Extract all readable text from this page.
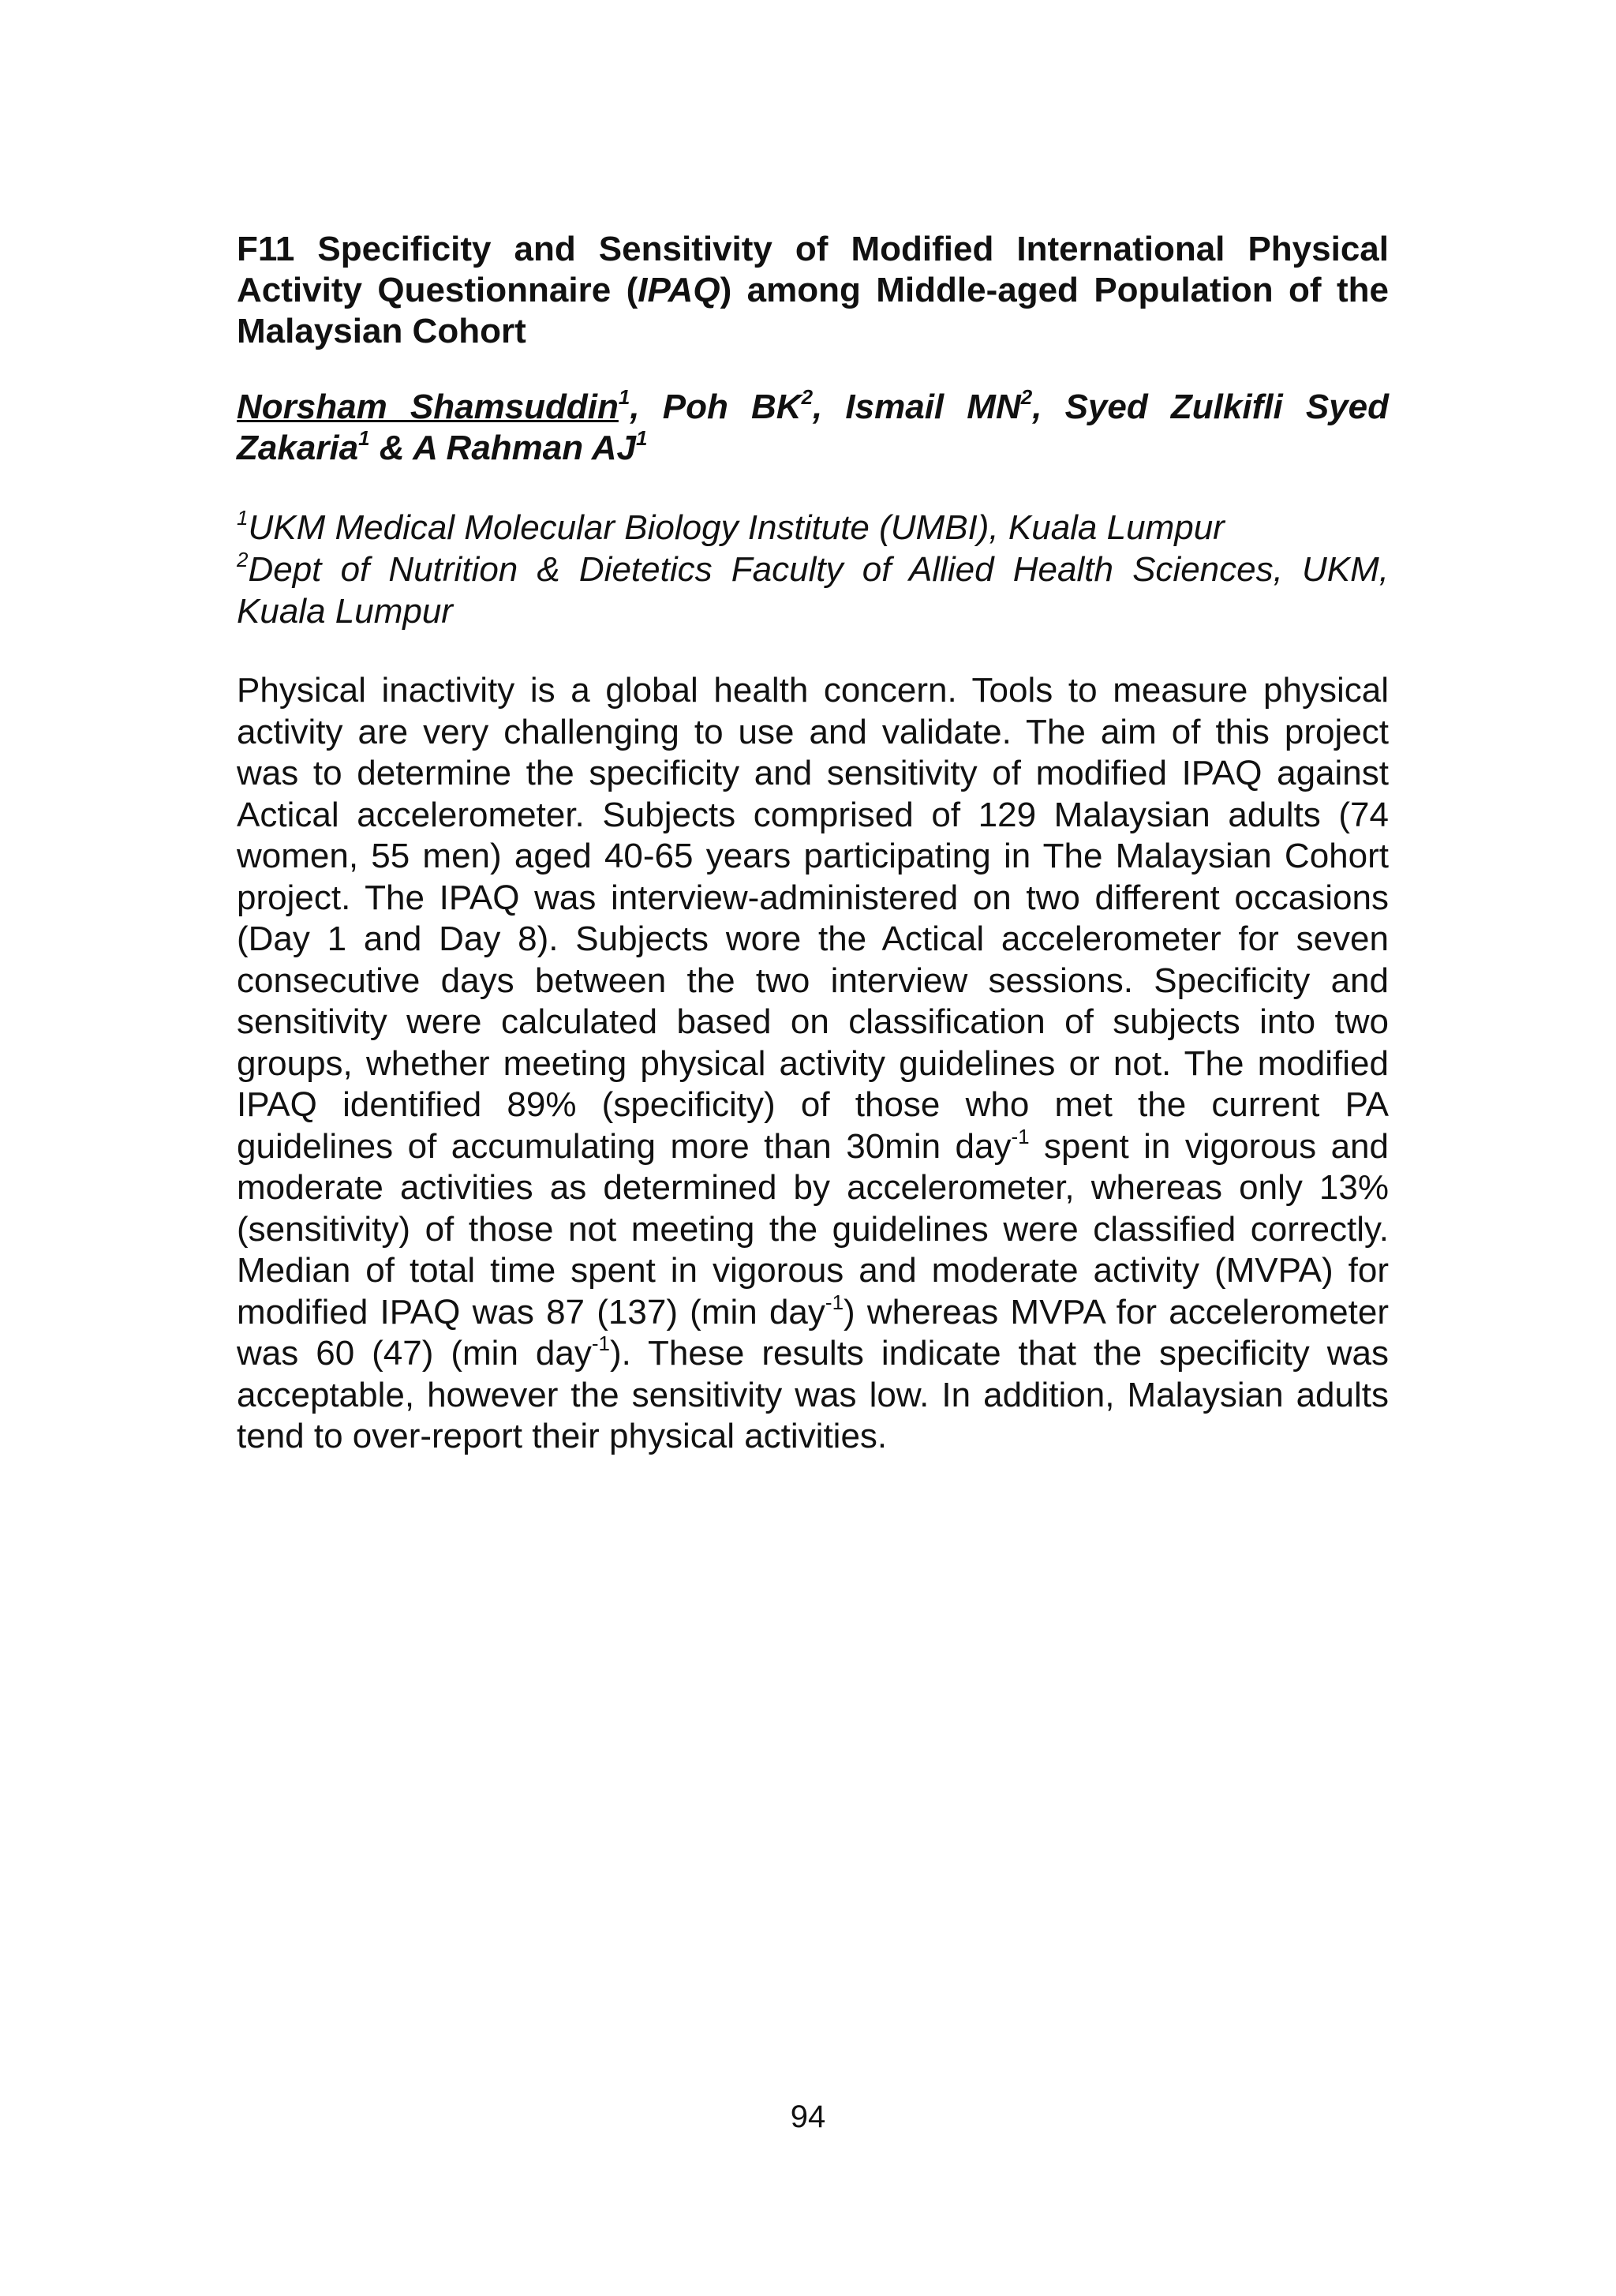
F11 Specificity and Sensitivity of Modified International Physical Activity Questionnaire (IPAQ) among Middle-aged Population of the Malaysian Cohort
Norsham Shamsuddin$^1$, Poh $BK^2$, Ismail $MN^2$, Syed Zulkifli Syed Zakaria$^1$ & A Rahman $AJ^1$
$^1$UKM Medical Molecular Biology Institute (UMBI), Kuala Lumpur
$^2$Dept of Nutrition & Dietetics Faculty of Allied Health Sciences, UKM, Kuala Lumpur

Physical inactivity is a global health concern. Tools to measure physical activity are very challenging to use and validate. The aim of this project was to determine the specificity and sensitivity of modified IPAQ against Actical accelerometer. Subjects comprised of 129 Malaysian adults (74 women, 55 men) aged 40-65 years participating in The Malaysian Cohort project. The IPAQ was interview-administered on two different occasions (Day 1 and Day 8). Subjects wore the Actical accelerometer for seven consecutive days between the two interview sessions. Specificity and sensitivity were calculated based on classification of subjects into two groups, whether meeting physical activity guidelines or not. The modified IPAQ identified 89% (specificity) of those who met the current PA guidelines of accumulating more than 30min day$^{-1}$ spent in vigorous and moderate activities as determined by accelerometer, whereas only 13% (sensitivity) of those not meeting the guidelines were classified correctly. Median of total time spent in vigorous and moderate activity (MVPA) for modified IPAQ was 87 (137) (min day$^{-1}$) whereas MVPA for accelerometer was 60 (47) (min day$^{-1}$). These results indicate that the specificity was acceptable, however the sensitivity was low. In addition, Malaysian adults tend to over-report their physical activities.

94
